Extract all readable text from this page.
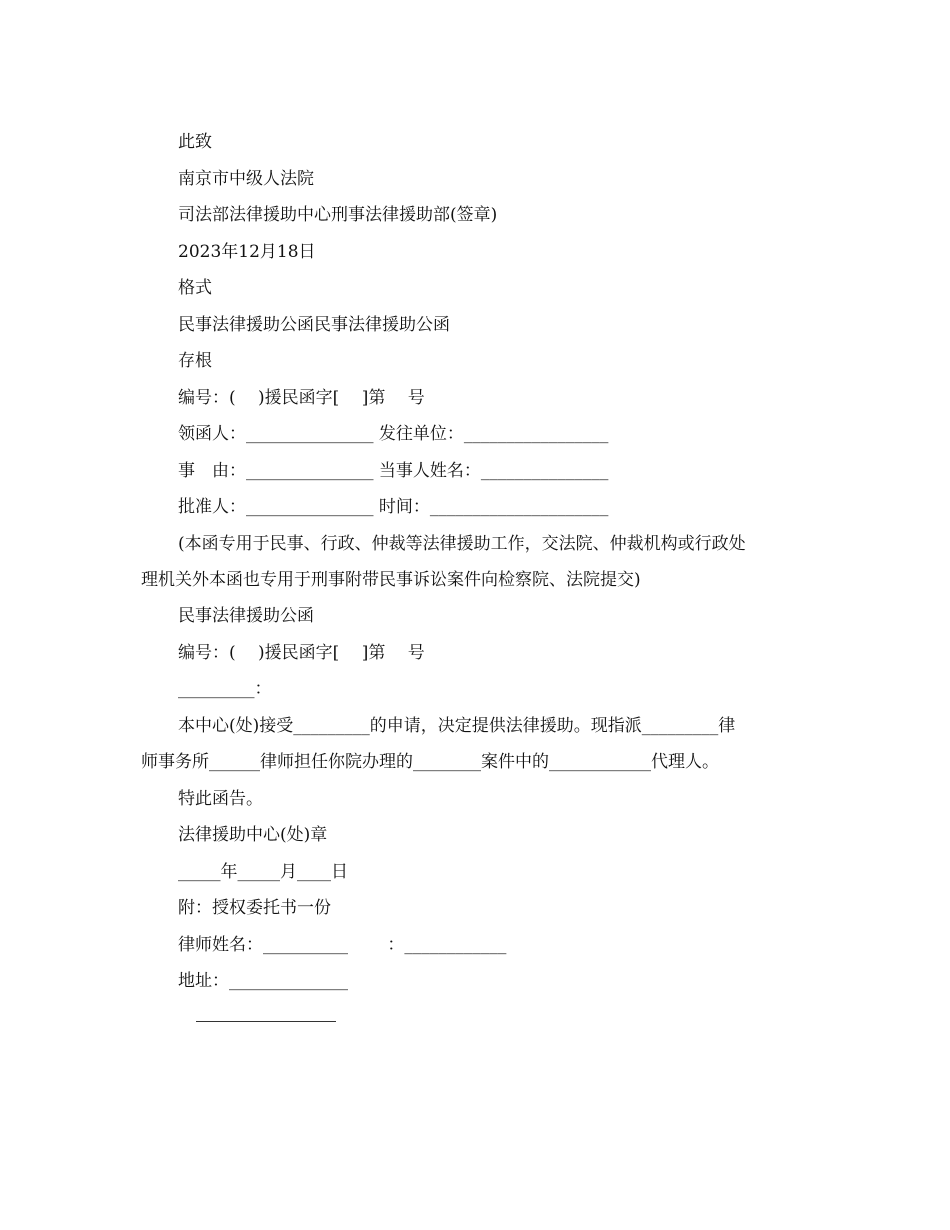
此致
南京市中级人法院
司法部法律援助中心刑事法律援助部(签章)
2023年12月18日
格式
民事法律援助公函民事法律援助公函
存根
编号：(　 )援民函字[　 ]第　 号
领函人：_______________ 发往单位：_________________
事　由：_______________ 当事人姓名：_______________
批准人：_______________ 时间：_____________________
(本函专用于民事、行政、仲裁等法律援助工作，交法院、仲裁机构或行政处
理机关外本函也专用于刑事附带民事诉讼案件向检察院、法院提交)
民事法律援助公函
编号：(　 )援民函字[　 ]第　 号
_________：
本中心(处)接受_________的申请，决定提供法律援助。现指派_________律
师事务所______律师担任你院办理的________案件中的____________代理人。
特此函告。
法律援助中心(处)章
_____年_____月____日
附：授权委托书一份
律师姓名：__________　　 ：____________
地址：______________
